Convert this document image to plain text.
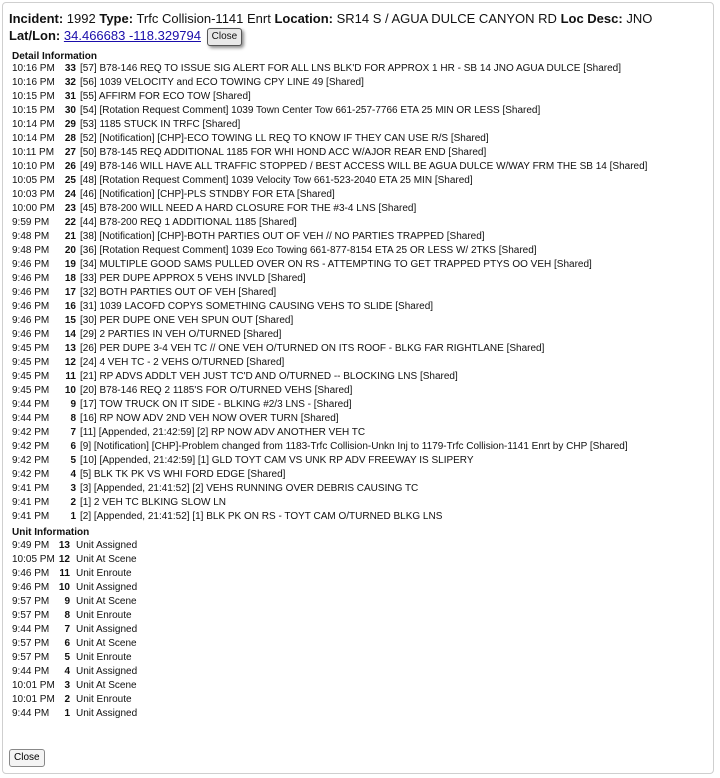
Incident: 1992 Type: Trfc Collision-1141 Enrt Location: SR14 S / AGUA DULCE CANYON RD Loc Desc: JNO Lat/Lon: 34.466683 -118.329794 Close
Detail Information
10:16 PM 33 [57] B78-146 REQ TO ISSUE SIG ALERT FOR ALL LNS BLK'D FOR APPROX 1 HR - SB 14 JNO AGUA DULCE [Shared]
10:16 PM 32 [56] 1039 VELOCITY and ECO TOWING CPY LINE 49 [Shared]
10:15 PM 31 [55] AFFIRM FOR ECO TOW [Shared]
10:15 PM 30 [54] [Rotation Request Comment] 1039 Town Center Tow 661-257-7766 ETA 25 MIN OR LESS [Shared]
10:14 PM 29 [53] 1185 STUCK IN TRFC [Shared]
10:14 PM 28 [52] [Notification] [CHP]-ECO TOWING LL REQ TO KNOW IF THEY CAN USE R/S [Shared]
10:11 PM 27 [50] B78-145 REQ ADDITIONAL 1185 FOR WHI HOND ACC W/AJOR REAR END [Shared]
10:10 PM 26 [49] B78-146 WILL HAVE ALL TRAFFIC STOPPED / BEST ACCESS WILL BE AGUA DULCE W/WAY FRM THE SB 14 [Shared]
10:05 PM 25 [48] [Rotation Request Comment] 1039 Velocity Tow 661-523-2040 ETA 25 MIN [Shared]
10:03 PM 24 [46] [Notification] [CHP]-PLS STNDBY FOR ETA [Shared]
10:00 PM 23 [45] B78-200 WILL NEED A HARD CLOSURE FOR THE #3-4 LNS [Shared]
9:59 PM 22 [44] B78-200 REQ 1 ADDITIONAL 1185 [Shared]
9:48 PM 21 [38] [Notification] [CHP]-BOTH PARTIES OUT OF VEH // NO PARTIES TRAPPED [Shared]
9:48 PM 20 [36] [Rotation Request Comment] 1039 Eco Towing 661-877-8154 ETA 25 OR LESS W/ 2TKS [Shared]
9:46 PM 19 [34] MULTIPLE GOOD SAMS PULLED OVER ON RS - ATTEMPTING TO GET TRAPPED PTYS OO VEH [Shared]
9:46 PM 18 [33] PER DUPE APPROX 5 VEHS INVLD [Shared]
9:46 PM 17 [32] BOTH PARTIES OUT OF VEH [Shared]
9:46 PM 16 [31] 1039 LACOFD COPYS SOMETHING CAUSING VEHS TO SLIDE [Shared]
9:46 PM 15 [30] PER DUPE ONE VEH SPUN OUT [Shared]
9:46 PM 14 [29] 2 PARTIES IN VEH O/TURNED [Shared]
9:45 PM 13 [26] PER DUPE 3-4 VEH TC // ONE VEH O/TURNED ON ITS ROOF - BLKG FAR RIGHTLANE [Shared]
9:45 PM 12 [24] 4 VEH TC - 2 VEHS O/TURNED [Shared]
9:45 PM 11 [21] RP ADVS ADDLT VEH JUST TC'D AND O/TURNED -- BLOCKING LNS [Shared]
9:45 PM 10 [20] B78-146 REQ 2 1185'S FOR O/TURNED VEHS [Shared]
9:44 PM 9 [17] TOW TRUCK ON IT SIDE - BLKING #2/3 LNS - [Shared]
9:44 PM 8 [16] RP NOW ADV 2ND VEH NOW OVER TURN [Shared]
9:42 PM 7 [11] [Appended, 21:42:59] [2] RP NOW ADV ANOTHER VEH TC
9:42 PM 6 [9] [Notification] [CHP]-Problem changed from 1183-Trfc Collision-Unkn Inj to 1179-Trfc Collision-1141 Enrt by CHP [Shared]
9:42 PM 5 [10] [Appended, 21:42:59] [1] GLD TOYT CAM VS UNK RP ADV FREEWAY IS SLIPERY
9:42 PM 4 [5] BLK TK PK VS WHI FORD EDGE [Shared]
9:41 PM 3 [3] [Appended, 21:41:52] [2] VEHS RUNNING OVER DEBRIS CAUSING TC
9:41 PM 2 [1] 2 VEH TC BLKING SLOW LN
9:41 PM 1 [2] [Appended, 21:41:52] [1] BLK PK ON RS - TOYT CAM O/TURNED BLKG LNS
Unit Information
9:49 PM 13 Unit Assigned
10:05 PM 12 Unit At Scene
9:46 PM 11 Unit Enroute
9:46 PM 10 Unit Assigned
9:57 PM 9 Unit At Scene
9:57 PM 8 Unit Enroute
9:44 PM 7 Unit Assigned
9:57 PM 6 Unit At Scene
9:57 PM 5 Unit Enroute
9:44 PM 4 Unit Assigned
10:01 PM 3 Unit At Scene
10:01 PM 2 Unit Enroute
9:44 PM 1 Unit Assigned
Close
